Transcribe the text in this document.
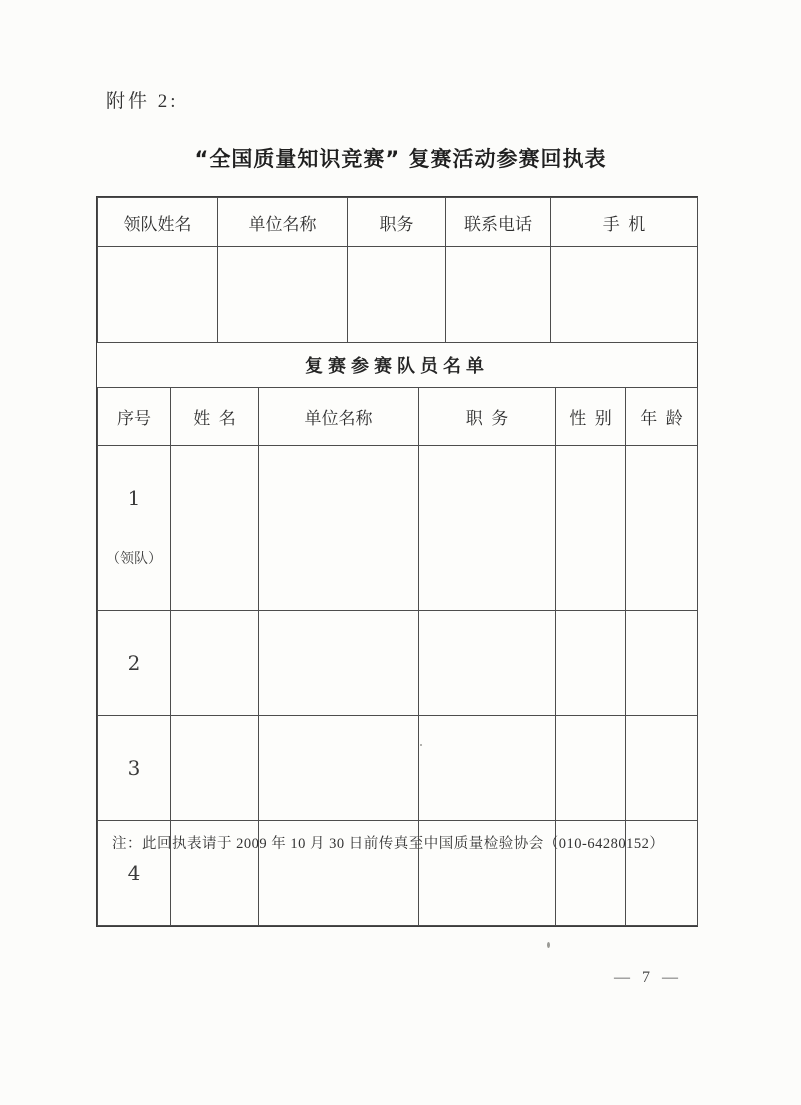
附件 2:
“全国质量知识竞赛” 复赛活动参赛回执表
领队姓名	单位名称	职务	联系电话	手  机

复赛参赛队员名单
序号	姓  名	单位名称	职  务	性  别	年  龄

1

（领队）					

2					

3					

4					

注：此回执表请于 2009 年 10 月 30 日前传真至中国质量检验协会（010-64280152）
— 7 —
